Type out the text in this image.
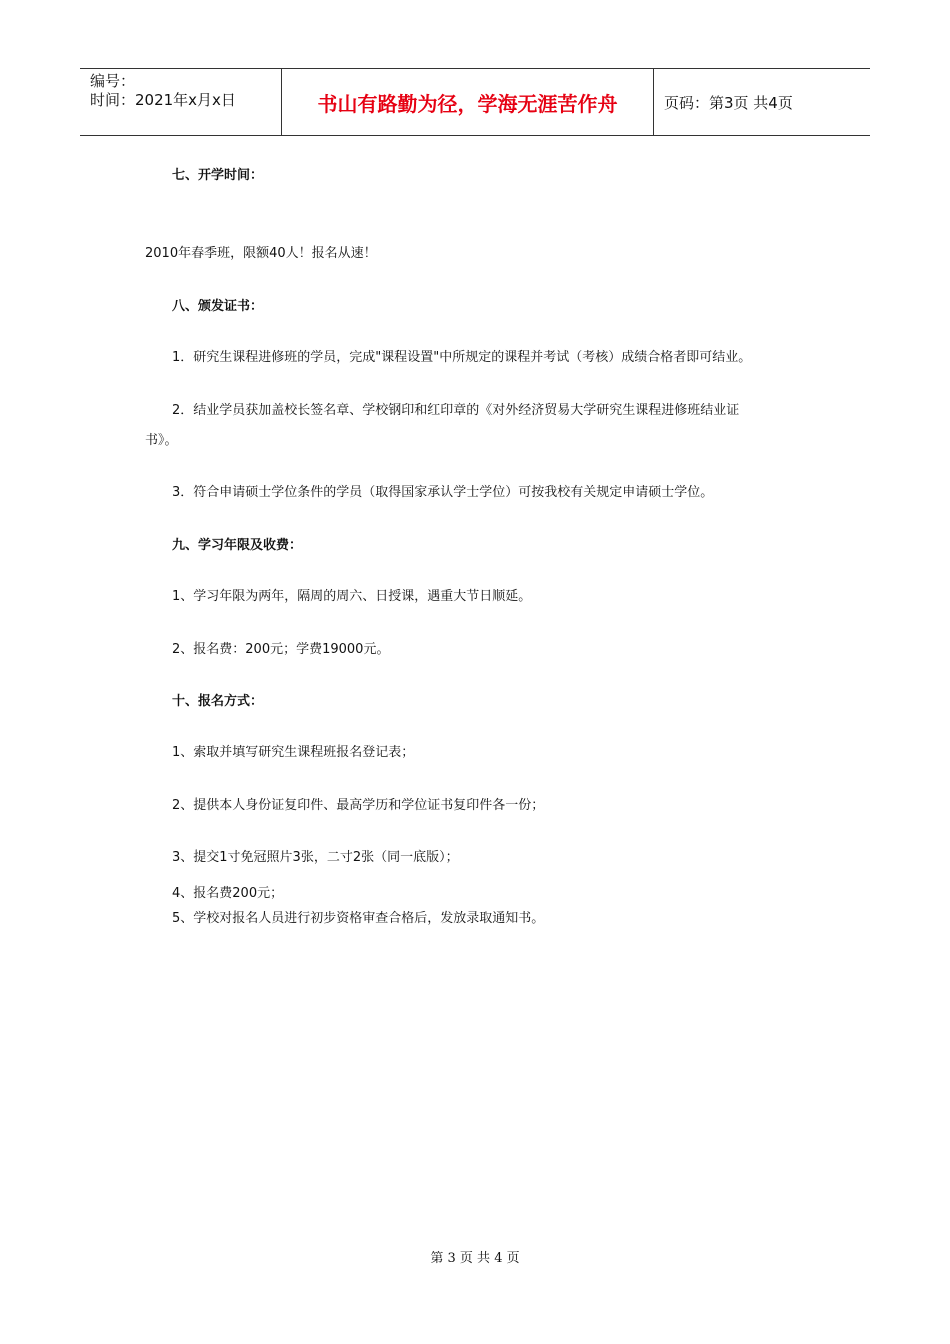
编号：
时间：2021年x月x日	书山有路勤为径，学海无涯苦作舟	页码：第3页 共4页
七、开学时间：
2010年春季班，限额40人！报名从速！
八、颁发证书：
1．研究生课程进修班的学员，完成"课程设置"中所规定的课程并考试（考核）成绩合格者即可结业。
2．结业学员获加盖校长签名章、学校钢印和红印章的《对外经济贸易大学研究生课程进修班结业证
书》。
3．符合申请硕士学位条件的学员（取得国家承认学士学位）可按我校有关规定申请硕士学位。
九、学习年限及收费：
1、学习年限为两年，隔周的周六、日授课，遇重大节日顺延。
2、报名费：200元；学费19000元。
十、报名方式：
1、索取并填写研究生课程班报名登记表；
2、提供本人身份证复印件、最高学历和学位证书复印件各一份；
3、提交1寸免冠照片3张，二寸2张（同一底版）；
4、报名费200元；
5、学校对报名人员进行初步资格审查合格后，发放录取通知书。
第 3 页 共 4 页
